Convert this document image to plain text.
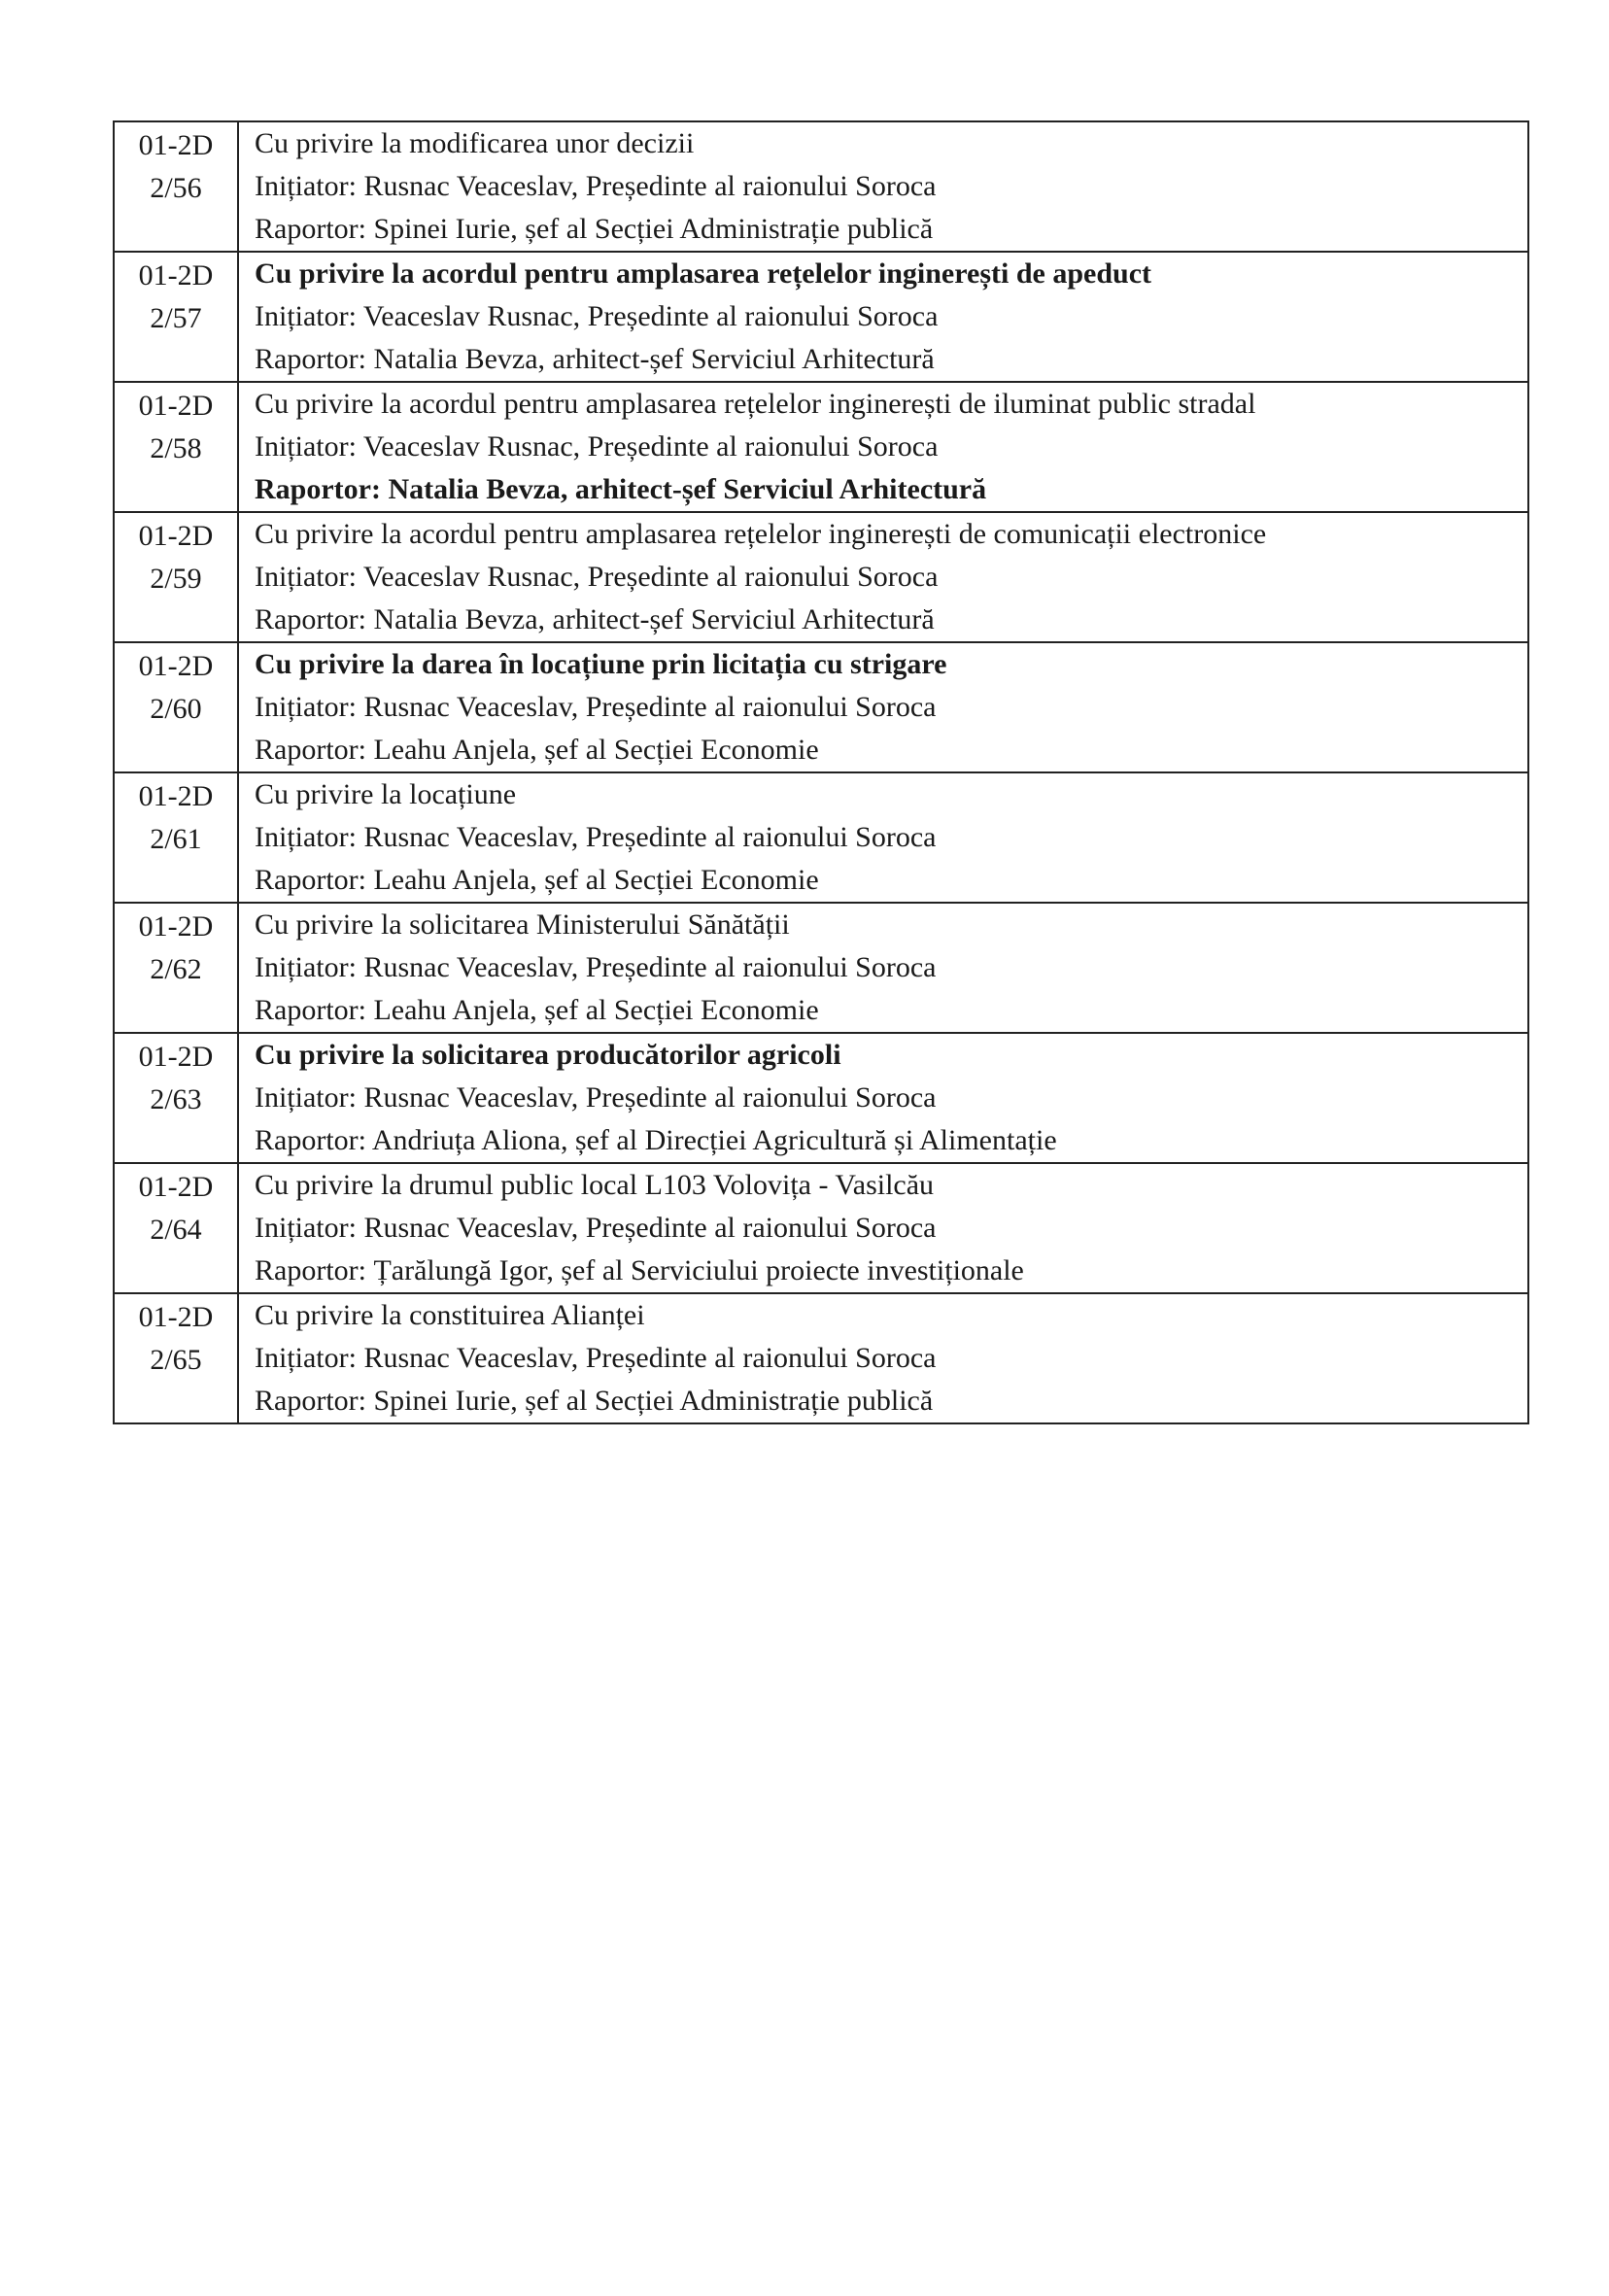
01-2D
2/56	Cu privire la modificarea unor decizii
Inițiator: Rusnac Veaceslav, Președinte al raionului Soroca
Raportor: Spinei Iurie, șef al Secției Administrație publică

01-2D
2/57	Cu privire la acordul pentru amplasarea rețelelor inginerești de apeduct
Inițiator: Veaceslav Rusnac, Președinte al raionului Soroca
Raportor: Natalia Bevza, arhitect-șef Serviciul Arhitectură

01-2D
2/58	Cu privire la acordul pentru amplasarea rețelelor inginerești de iluminat public stradal
Inițiator: Veaceslav Rusnac, Președinte al raionului Soroca
Raportor: Natalia Bevza, arhitect-șef Serviciul Arhitectură

01-2D
2/59	Cu privire la acordul pentru amplasarea rețelelor inginerești de comunicații electronice
Inițiator: Veaceslav Rusnac, Președinte al raionului Soroca
Raportor: Natalia Bevza, arhitect-șef Serviciul Arhitectură

01-2D
2/60	Cu privire la darea în locațiune prin licitația cu strigare
Inițiator: Rusnac Veaceslav, Președinte al raionului Soroca
Raportor: Leahu Anjela, șef al Secției Economie

01-2D
2/61	Cu privire la locațiune
Inițiator: Rusnac Veaceslav, Președinte al raionului Soroca
Raportor: Leahu Anjela, șef al Secției Economie

01-2D
2/62	Cu privire la solicitarea Ministerului Sănătății
Inițiator: Rusnac Veaceslav, Președinte al raionului Soroca
Raportor: Leahu Anjela, șef al Secției Economie

01-2D
2/63	Cu privire la solicitarea producătorilor agricoli
Inițiator: Rusnac Veaceslav, Președinte al raionului Soroca
Raportor: Andriuța Aliona, șef al Direcției Agricultură și Alimentație

01-2D
2/64	Cu privire la drumul public local L103 Volovița - Vasilcău
Inițiator: Rusnac Veaceslav, Președinte al raionului Soroca
Raportor: Țarălungă Igor, șef al Serviciului proiecte investiționale

01-2D
2/65	Cu privire la constituirea Alianței
Inițiator: Rusnac Veaceslav, Președinte al raionului Soroca
Raportor: Spinei Iurie, șef al Secției Administrație publică
